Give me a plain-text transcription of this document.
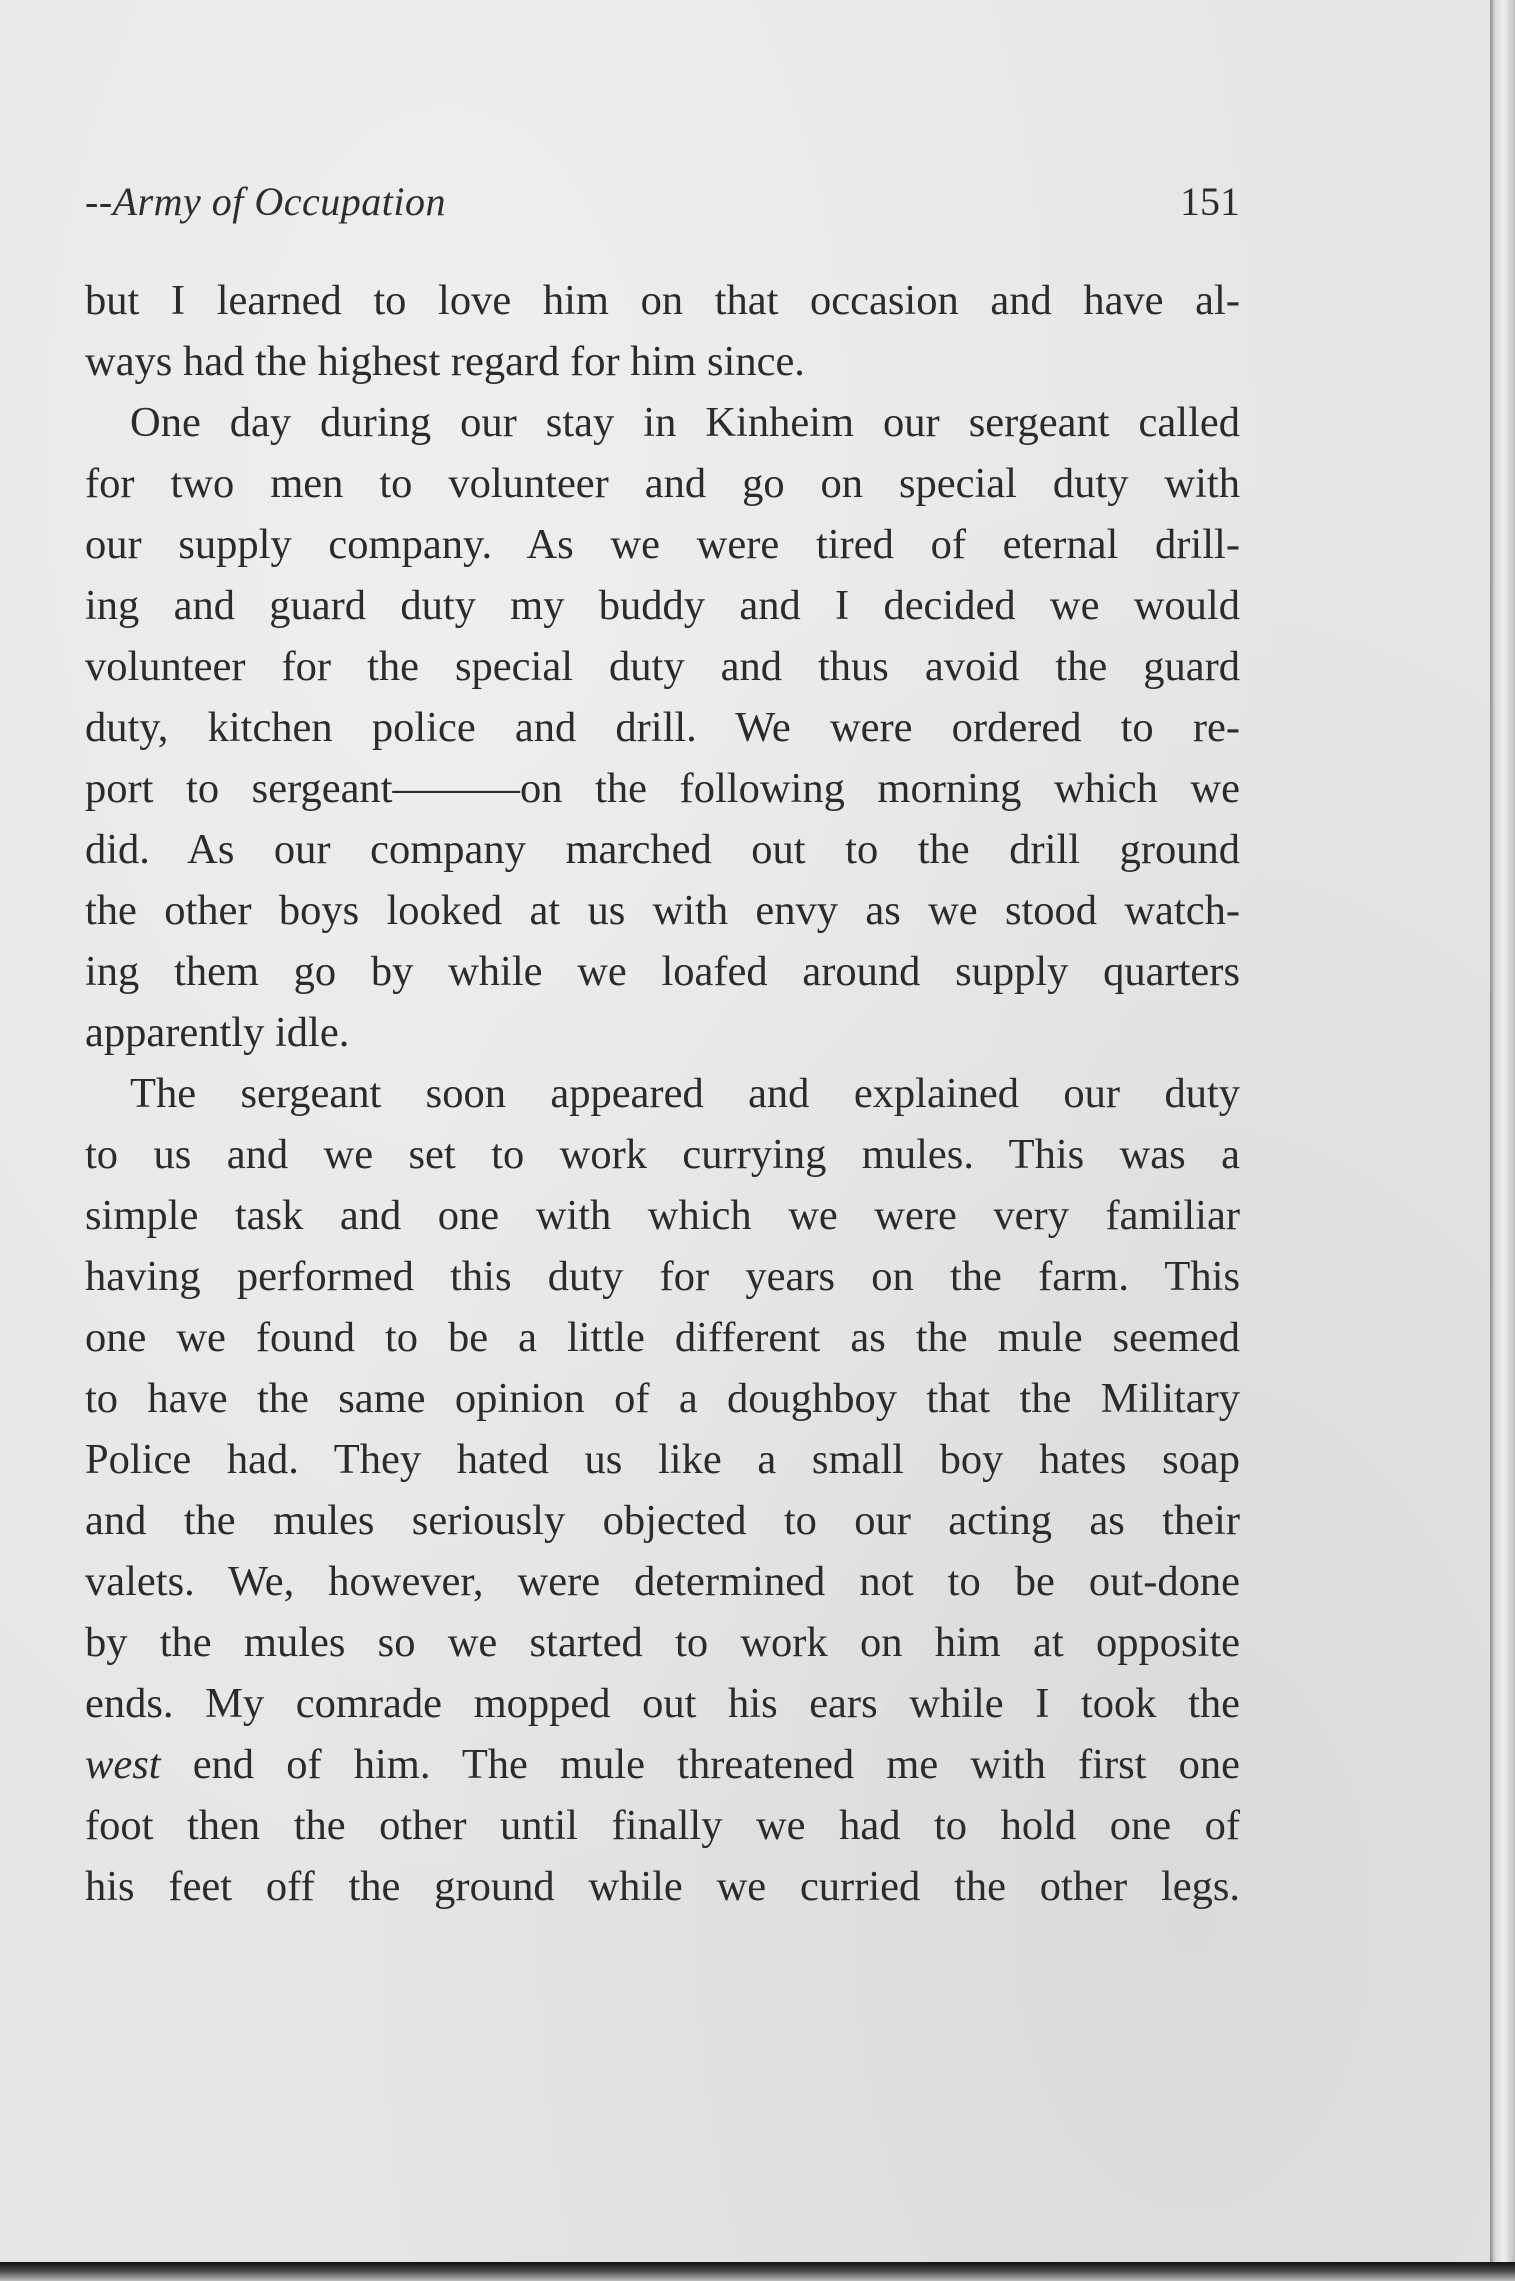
--Army of Occupation	151
but I learned to love him on that occasion and have al-
ways had the highest regard for him since.
One day during our stay in Kinheim our sergeant called
for two men to volunteer and go on special duty with
our supply company. As we were tired of eternal drill-
ing and guard duty my buddy and I decided we would
volunteer for the special duty and thus avoid the guard
duty, kitchen police and drill. We were ordered to re-
port to sergeant———on the following morning which we
did. As our company marched out to the drill ground
the other boys looked at us with envy as we stood watch-
ing them go by while we loafed around supply quarters
apparently idle.
The sergeant soon appeared and explained our duty
to us and we set to work currying mules. This was a
simple task and one with which we were very familiar
having performed this duty for years on the farm. This
one we found to be a little different as the mule seemed
to have the same opinion of a doughboy that the Military
Police had. They hated us like a small boy hates soap
and the mules seriously objected to our acting as their
valets. We, however, were determined not to be out-done
by the mules so we started to work on him at opposite
ends. My comrade mopped out his ears while I took the
west end of him. The mule threatened me with first one
foot then the other until finally we had to hold one of
his feet off the ground while we curried the other legs.
